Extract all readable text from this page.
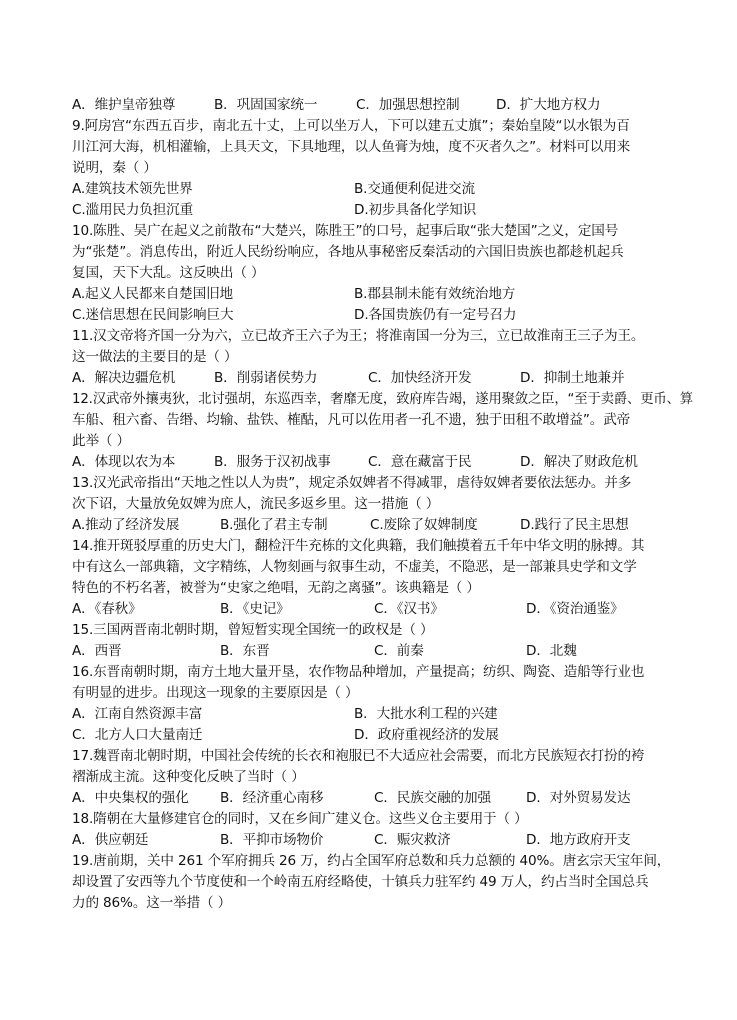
A．维护皇帝独尊	B．巩固国家统一	C．加强思想控制	D．扩大地方权力
9.阿房宫“东西五百步，南北五十丈，上可以坐万人，下可以建五丈旗”；秦始皇陵“以水银为百
川江河大海，机相灌输，上具天文，下具地理，以人鱼膏为烛，度不灭者久之”。材料可以用来
说明，秦（ ）
A.建筑技术领先世界	B.交通便利促进交流
C.滥用民力负担沉重	D.初步具备化学知识
10.陈胜、吴广在起义之前散布“大楚兴，陈胜王”的口号，起事后取“张大楚国”之义，定国号
为“张楚”。消息传出，附近人民纷纷响应，各地从事秘密反秦活动的六国旧贵族也都趁机起兵
复国，天下大乱。这反映出（ ）
A.起义人民都来自楚国旧地	B.郡县制未能有效统治地方
C.迷信思想在民间影响巨大	D.各国贵族仍有一定号召力
11.汉文帝将齐国一分为六，立已故齐王六子为王；将淮南国一分为三，立已故淮南王三子为王。
这一做法的主要目的是（ ）
A．解决边疆危机	B．削弱诸侯势力	C．加快经济开发	D．抑制土地兼并
12.汉武帝外攘夷狄，北讨强胡，东巡西幸，奢靡无度，致府库告竭，遂用聚敛之臣，“至于卖爵、更币、算
车船、租六畜、告缗、均输、盐铁、榷酤，凡可以佐用者一孔不遗，独于田租不敢增益”。武帝
此举（ ）
A．体现以农为本	B．服务于汉初战事	C．意在藏富于民	D．解决了财政危机
13.汉光武帝指出“天地之性以人为贵”，规定杀奴婢者不得减罪，虐待奴婢者要依法惩办。并多
次下诏，大量放免奴婢为庶人，流民多返乡里。这一措施（ ）
A.推动了经济发展	B.强化了君主专制	C.废除了奴婢制度	D.践行了民主思想
14.推开斑驳厚重的历史大门，翻检汗牛充栋的文化典籍，我们触摸着五千年中华文明的脉搏。其
中有这么一部典籍，文字精练，人物刻画与叙事生动，不虚美，不隐恶，是一部兼具史学和文学
特色的不朽名著，被誉为“史家之绝唱，无韵之离骚”。该典籍是（ ）
A．《春秋》	B．《史记》	C．《汉书》	D．《资治通鉴》
15.三国两晋南北朝时期，曾短暂实现全国统一的政权是（ ）
A．西晋	B．东晋	C．前秦	D．北魏
16.东晋南朝时期，南方土地大量开垦，农作物品种增加，产量提高；纺织、陶瓷、造船等行业也
有明显的进步。出现这一现象的主要原因是（ ）
A．江南自然资源丰富	B．大批水利工程的兴建
C．北方人口大量南迁	D．政府重视经济的发展
17.魏晋南北朝时期，中国社会传统的长衣和袍服已不大适应社会需要，而北方民族短衣打扮的袴
褶渐成主流。这种变化反映了当时（ ）
A．中央集权的强化 B．经济重心南移	C．民族交融的加强	D．对外贸易发达
18.隋朝在大量修建官仓的同时，又在乡间广建义仓。这些义仓主要用于（ ）
A．供应朝廷	B．平抑市场物价	C．赈灾救济	D．地方政府开支
19.唐前期，关中 261 个军府拥兵 26 万，约占全国军府总数和兵力总额的 40%。唐玄宗天宝年间，
却设置了安西等九个节度使和一个岭南五府经略使，十镇兵力驻军约 49 万人，约占当时全国总兵
力的 86%。这一举措（ ）
